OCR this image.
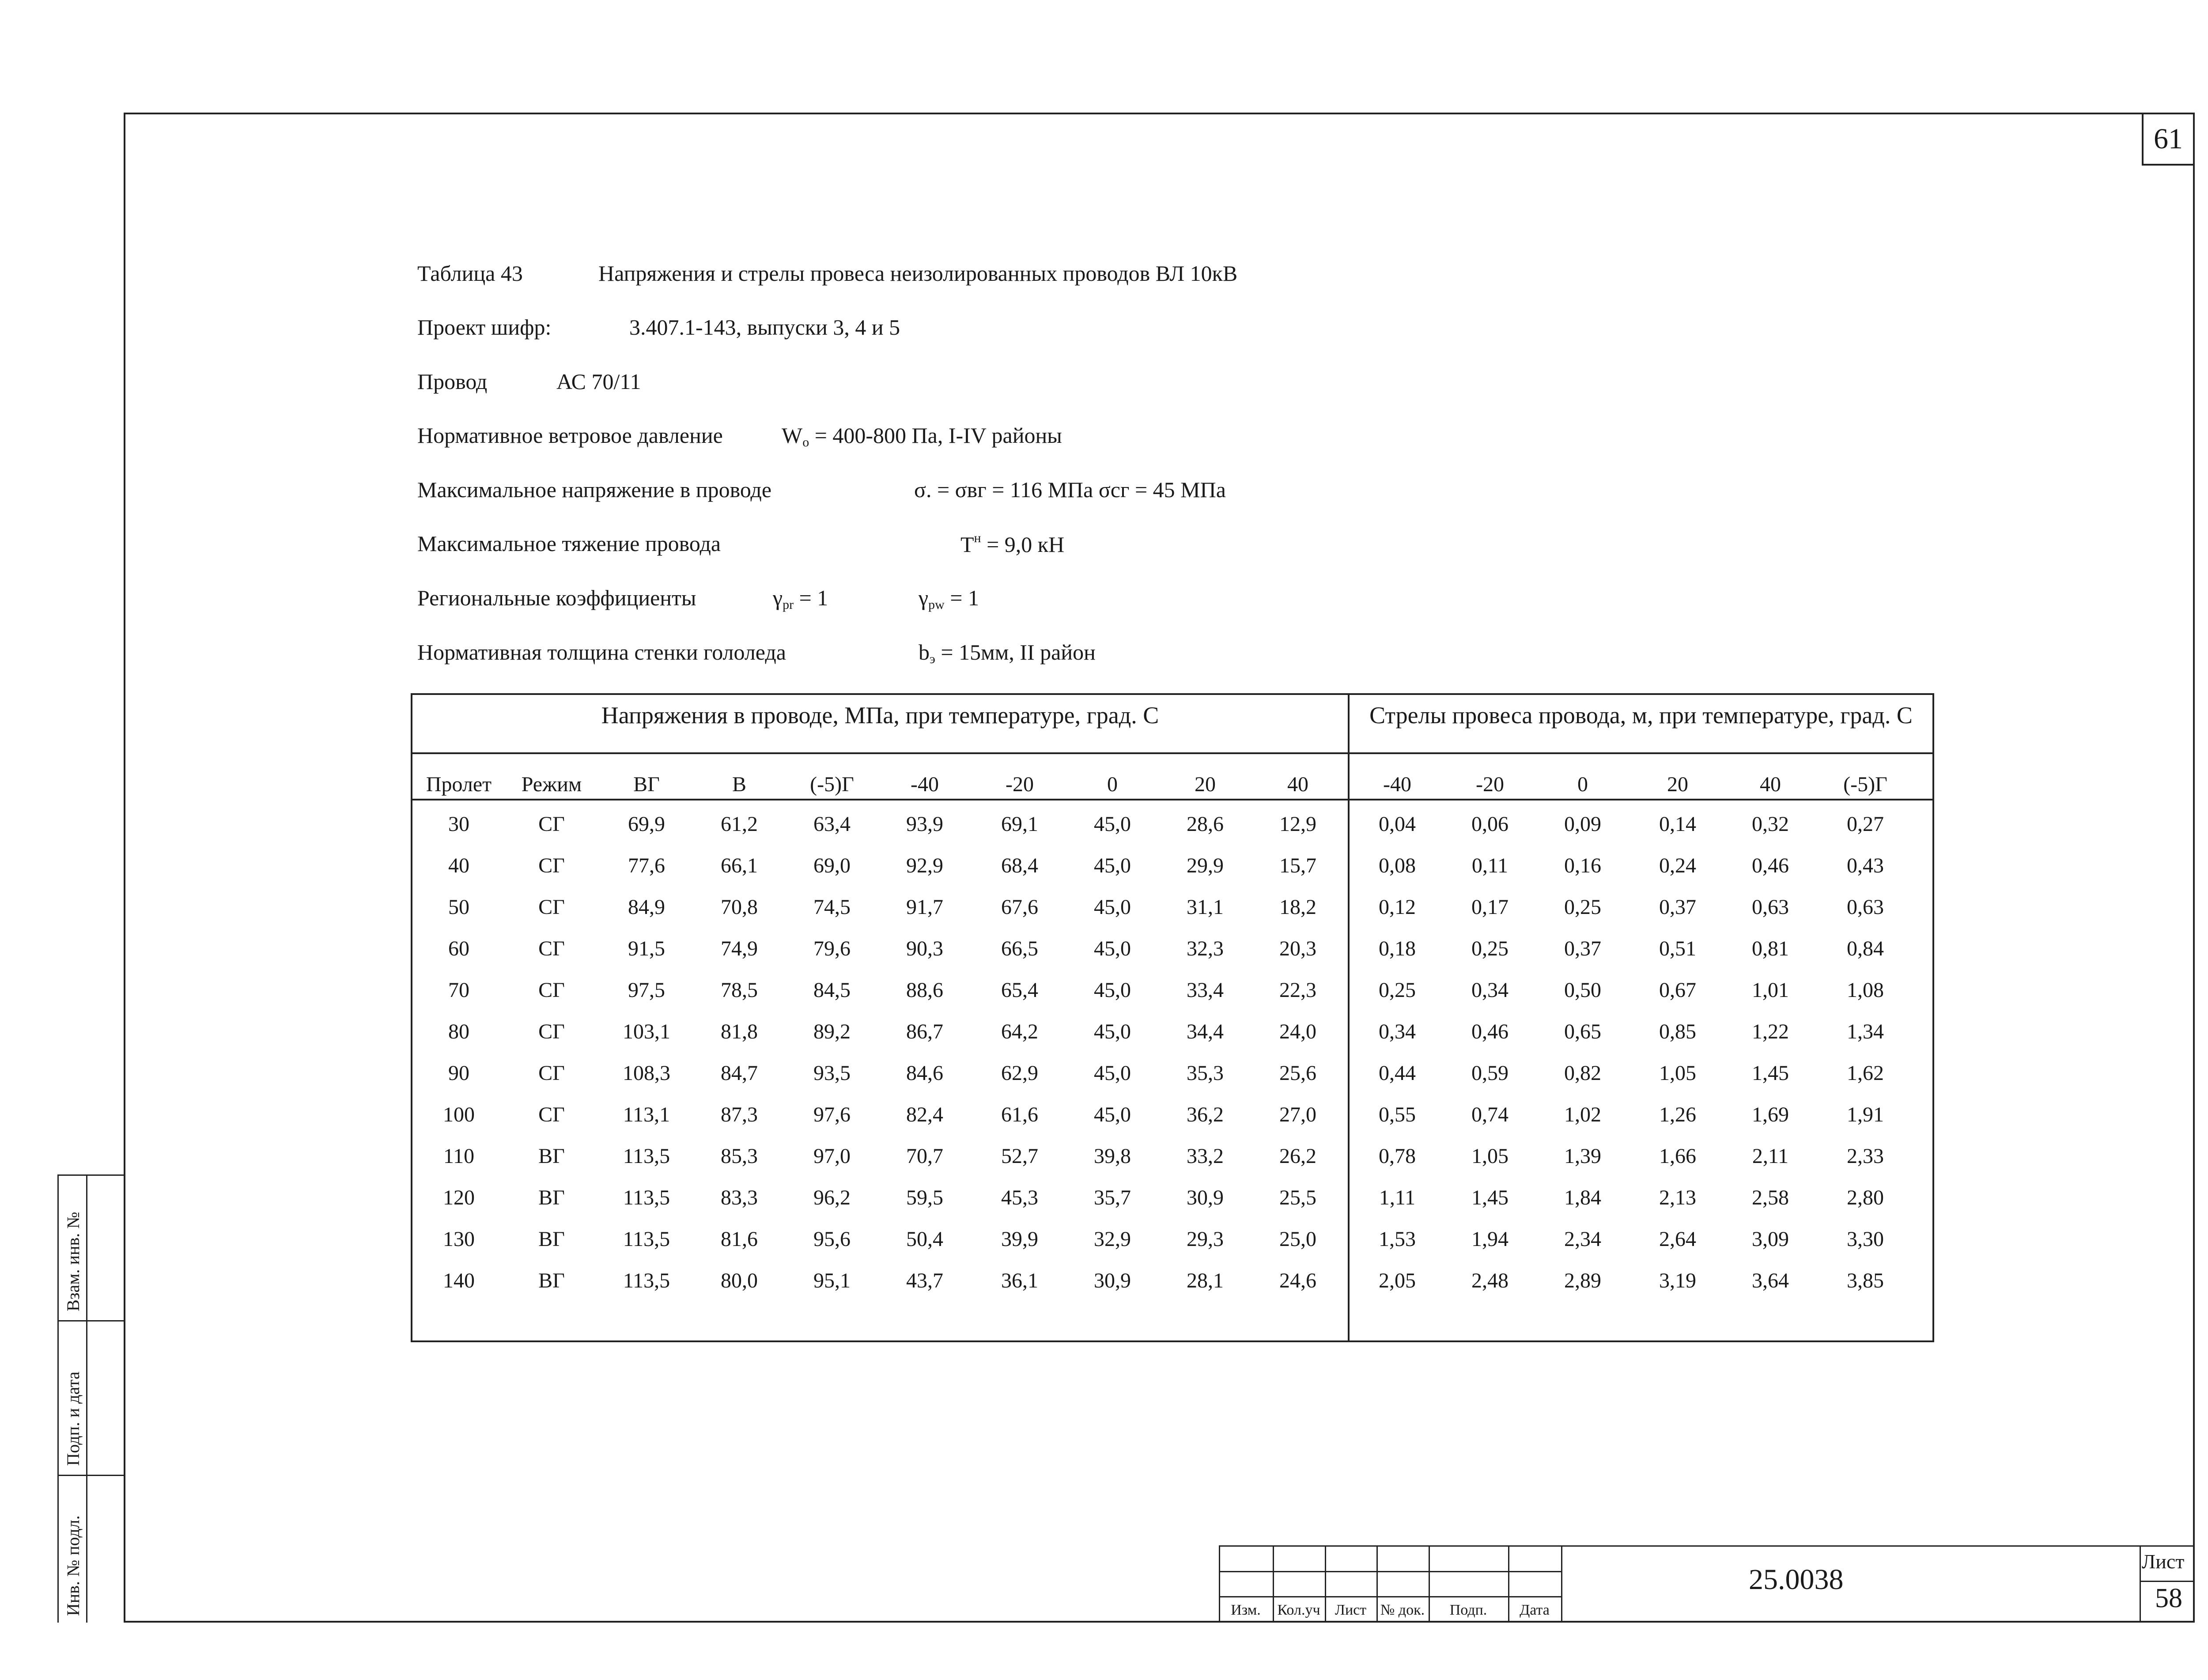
61
Таблица 43	Напряжения и стрелы провеса неизолированных проводов ВЛ 10кВ
Проект шифр:	3.407.1-143, выпуски 3, 4 и 5
Провод	АС 70/11
Нормативное ветровое давление	$W_о = 400-800$ Па, I-IV районы
Максимальное напряжение в проводе	σ. = σвг = 116 МПа σсг = 45 МПа
Максимальное тяжение провода	$Т^н = 9,0$ кН
Региональные коэффициенты	$\gamma_{pr} = 1$	$\gamma_{pw} = 1$
Нормативная толщина стенки гололеда	$b_э = 15мм$, II район
Напряжения в проводе, МПа, при температуре, град. С	Стрелы провеса провода, м, при температуре, град. С
Пролет	Режим	ВГ	В	(-5)Г	-40	-20	0	20	40	-40	-20	0	20	40	(-5)Г
30	СГ	69,9	61,2	63,4	93,9	69,1	45,0	28,6	12,9	0,04	0,06	0,09	0,14	0,32	0,27
40	СГ	77,6	66,1	69,0	92,9	68,4	45,0	29,9	15,7	0,08	0,11	0,16	0,24	0,46	0,43
50	СГ	84,9	70,8	74,5	91,7	67,6	45,0	31,1	18,2	0,12	0,17	0,25	0,37	0,63	0,63
60	СГ	91,5	74,9	79,6	90,3	66,5	45,0	32,3	20,3	0,18	0,25	0,37	0,51	0,81	0,84
70	СГ	97,5	78,5	84,5	88,6	65,4	45,0	33,4	22,3	0,25	0,34	0,50	0,67	1,01	1,08
80	СГ	103,1	81,8	89,2	86,7	64,2	45,0	34,4	24,0	0,34	0,46	0,65	0,85	1,22	1,34
90	СГ	108,3	84,7	93,5	84,6	62,9	45,0	35,3	25,6	0,44	0,59	0,82	1,05	1,45	1,62
100	СГ	113,1	87,3	97,6	82,4	61,6	45,0	36,2	27,0	0,55	0,74	1,02	1,26	1,69	1,91
110	ВГ	113,5	85,3	97,0	70,7	52,7	39,8	33,2	26,2	0,78	1,05	1,39	1,66	2,11	2,33
120	ВГ	113,5	83,3	96,2	59,5	45,3	35,7	30,9	25,5	1,11	1,45	1,84	2,13	2,58	2,80
130	ВГ	113,5	81,6	95,6	50,4	39,9	32,9	29,3	25,0	1,53	1,94	2,34	2,64	3,09	3,30
140	ВГ	113,5	80,0	95,1	43,7	36,1	30,9	28,1	24,6	2,05	2,48	2,89	3,19	3,64	3,85
Изм.	Кол.уч Лист № док.	Подп.	Дата
25.0038
Лист
58
Инв. № подл.
Подп. и дата
Взам. инв. №
